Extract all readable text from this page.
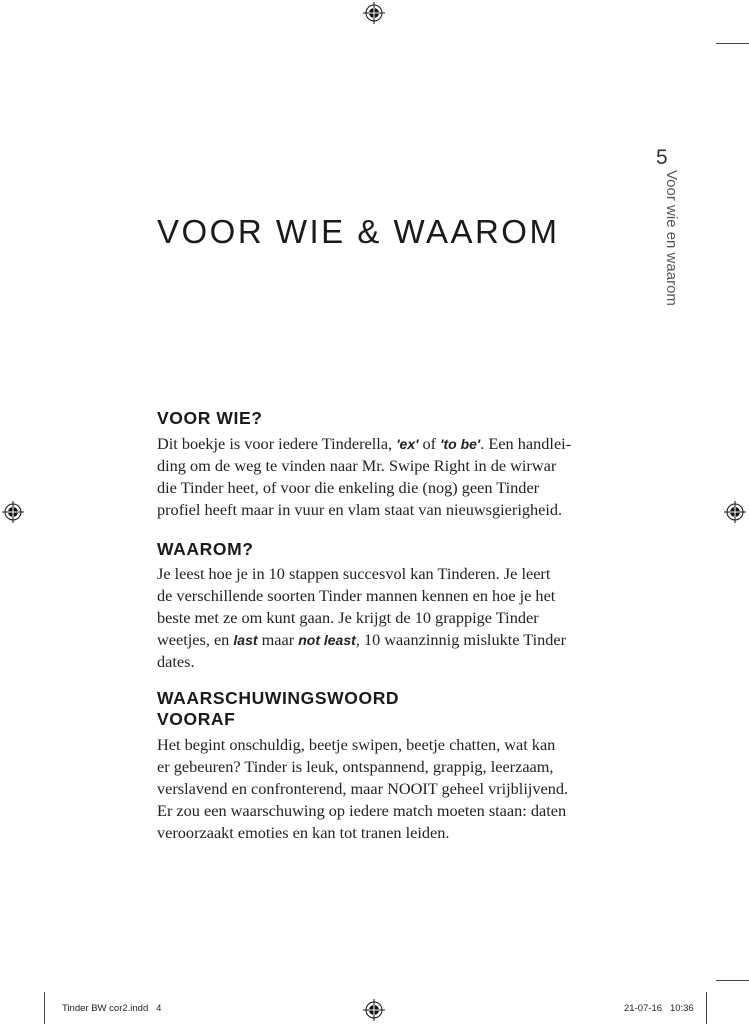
5
Voor wie en waarom
VOOR WIE & WAAROM
VOOR WIE?

Dit boekje is voor iedere Tinderella, 'ex' of 'to be'. Een handlei-
ding om de weg te vinden naar Mr. Swipe Right in de wirwar
die Tinder heet, of voor die enkeling die (nog) geen Tinder
profiel heeft maar in vuur en vlam staat van nieuwsgierigheid.

WAAROM?

Je leest hoe je in 10 stappen succesvol kan Tinderen. Je leert
de verschillende soorten Tinder mannen kennen en hoe je het
beste met ze om kunt gaan. Je krijgt de 10 grappige Tinder
weetjes, en last maar not least, 10 waanzinnig mislukte Tinder
dates.

WAARSCHUWINGSWOORD
VOORAF

Het begint onschuldig, beetje swipen, beetje chatten, wat kan
er gebeuren? Tinder is leuk, ontspannend, grappig, leerzaam,
verslavend en confronterend, maar NOOIT geheel vrijblijvend.
Er zou een waarschuwing op iedere match moeten staan: daten
veroorzaakt emoties en kan tot tranen leiden.

Tinder BW cor2.indd   4	21-07-16   10:36
